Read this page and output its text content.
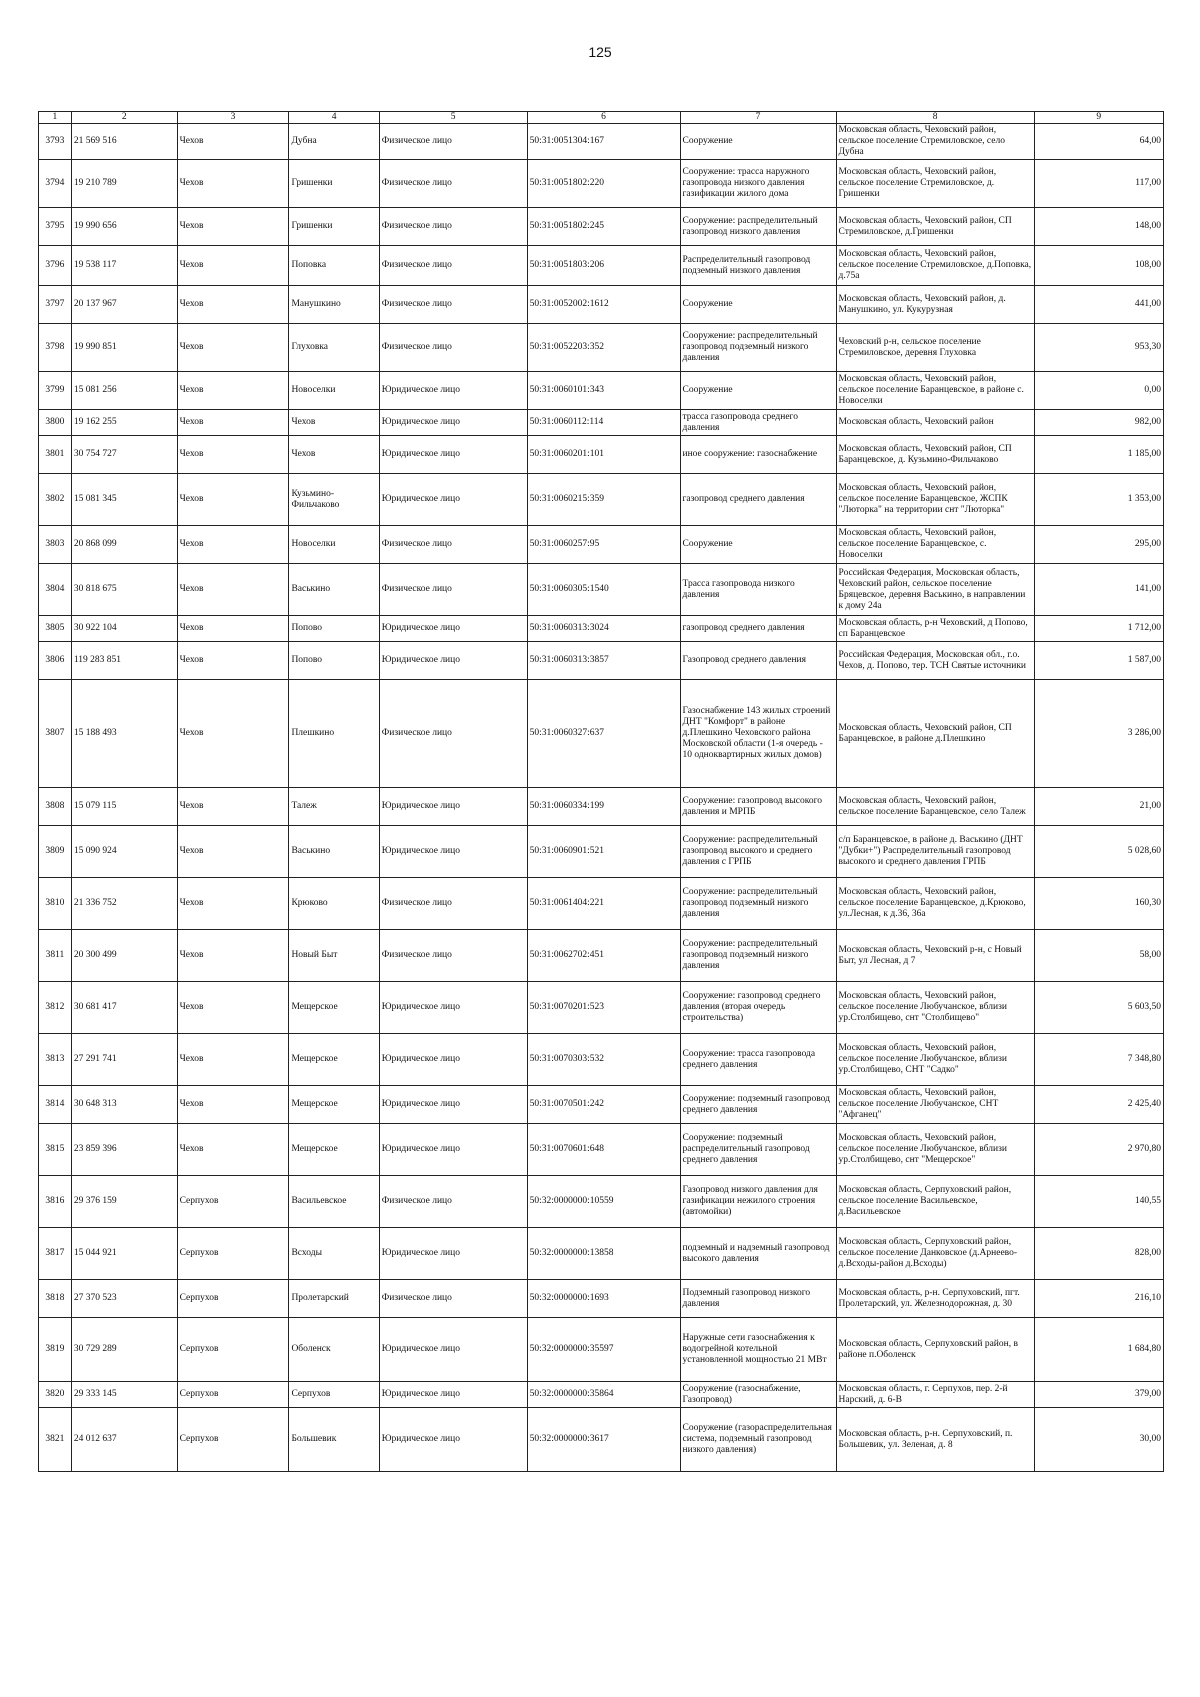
125
1	2	3	4	5	6	7	8	9
3793	21 569 516	Чехов	Дубна	Физическое лицо	50:31:0051304:167	Сооружение	Московская область, Чеховский район, сельское поселение Стремиловское, село Дубна	64,00
3794	19 210 789	Чехов	Гришенки	Физическое лицо	50:31:0051802:220	Сооружение: трасса наружного газопровода низкого давления газификации жилого дома	Московская область, Чеховский район, сельское поселение Стремиловское, д. Гришенки	117,00
3795	19 990 656	Чехов	Гришенки	Физическое лицо	50:31:0051802:245	Сооружение: распределительный газопровод низкого давления	Московская область, Чеховский район, СП Стремиловское, д.Гришенки	148,00
3796	19 538 117	Чехов	Поповка	Физическое лицо	50:31:0051803:206	Распределительный газопровод подземный низкого давления	Московская область, Чеховский район, сельское поселение Стремиловское, д.Поповка, д.75а	108,00
3797	20 137 967	Чехов	Манушкино	Физическое лицо	50:31:0052002:1612	Сооружение	Московская область, Чеховский район, д. Манушкино, ул. Кукурузная	441,00
3798	19 990 851	Чехов	Глуховка	Физическое лицо	50:31:0052203:352	Сооружение: распределительный газопровод подземный низкого давления	Чеховский р-н, сельское поселение Стремиловское, деревня Глуховка	953,30
3799	15 081 256	Чехов	Новоселки	Юридическое лицо	50:31:0060101:343	Сооружение	Московская область, Чеховский район, сельское поселение Баранцевское, в районе с. Новоселки	0,00
3800	19 162 255	Чехов	Чехов	Юридическое лицо	50:31:0060112:114	трасса газопровода среднего давления	Московская область, Чеховский район	982,00
3801	30 754 727	Чехов	Чехов	Юридическое лицо	50:31:0060201:101	иное сооружение: газоснабжение	Московская область, Чеховский район, СП Баранцевское, д. Кузьмино-Фильчаково	1 185,00
3802	15 081 345	Чехов	Кузьмино-Фильчаково	Юридическое лицо	50:31:0060215:359	газопровод среднего давления	Московская область, Чеховский район, сельское поселение Баранцевское, ЖСПК "Люторка" на территории снт "Люторка"	1 353,00
3803	20 868 099	Чехов	Новоселки	Физическое лицо	50:31:0060257:95	Сооружение	Московская область, Чеховский район, сельское поселение Баранцевское, с. Новоселки	295,00
3804	30 818 675	Чехов	Васькино	Физическое лицо	50:31:0060305:1540	Трасса газопровода низкого давления	Российская Федерация, Московская область, Чеховский район, сельское поселение Бряцевское, деревня Васькино, в направлении к дому 24а	141,00
3805	30 922 104	Чехов	Попово	Юридическое лицо	50:31:0060313:3024	газопровод среднего давления	Московская область, р-н Чеховский, д Попово, сп Баранцевское	1 712,00
3806	119 283 851	Чехов	Попово	Юридическое лицо	50:31:0060313:3857	Газопровод среднего давления	Российская Федерация, Московская обл., г.о. Чехов, д. Попово, тер. ТСН Святые источники	1 587,00
3807	15 188 493	Чехов	Плешкино	Физическое лицо	50:31:0060327:637	Газоснабжение 143 жилых строений ДНТ "Комфорт" в районе д.Плешкино Чеховского района Московской области (1-я очередь - 10 одноквартирных жилых домов)	Московская область, Чеховский район, СП Баранцевское, в районе д.Плешкино	3 286,00
3808	15 079 115	Чехов	Талеж	Юридическое лицо	50:31:0060334:199	Сооружение: газопровод высокого давления и МРПБ	Московская область, Чеховский район, сельское поселение Баранцевское, село Талеж	21,00
3809	15 090 924	Чехов	Васькино	Юридическое лицо	50:31:0060901:521	Сооружение: распределительный газопровод высокого и среднего давления с ГРПБ	с/п Баранцевское, в районе д. Васькино (ДНТ "Дубки+") Распределительный газопровод высокого и среднего давления ГРПБ	5 028,60
3810	21 336 752	Чехов	Крюково	Физическое лицо	50:31:0061404:221	Сооружение: распределительный газопровод подземный низкого давления	Московская область, Чеховский район, сельское поселение Баранцевское, д.Крюково, ул.Лесная, к д.36, 36а	160,30
3811	20 300 499	Чехов	Новый Быт	Физическое лицо	50:31:0062702:451	Сооружение: распределительный газопровод подземный низкого давления	Московская область, Чеховский р-н, с Новый Быт, ул Лесная, д 7	58,00
3812	30 681 417	Чехов	Мещерское	Юридическое лицо	50:31:0070201:523	Сооружение: газопровод среднего давления (вторая очередь строительства)	Московская область, Чеховский район, сельское поселение Любучанское, вблизи ур.Столбищево, снт "Столбищево"	5 603,50
3813	27 291 741	Чехов	Мещерское	Юридическое лицо	50:31:0070303:532	Сооружение: трасса газопровода среднего давления	Московская область, Чеховский район, сельское поселение Любучанское, вблизи ур.Столбищево, СНТ "Садко"	7 348,80
3814	30 648 313	Чехов	Мещерское	Юридическое лицо	50:31:0070501:242	Сооружение: подземный газопровод среднего давления	Московская область, Чеховский район, сельское поселение Любучанское, СНТ "Афганец"	2 425,40
3815	23 859 396	Чехов	Мещерское	Юридическое лицо	50:31:0070601:648	Сооружение: подземный распределительный газопровод среднего давления	Московская область, Чеховский район, сельское поселение Любучанское, вблизи ур.Столбищево, снт "Мещерское"	2 970,80
3816	29 376 159	Серпухов	Васильевское	Физическое лицо	50:32:0000000:10559	Газопровод низкого давления для газификации нежилого строения (автомойки)	Московская область, Серпуховский район, сельское поселение Васильевское, д.Васильевское	140,55
3817	15 044 921	Серпухов	Всходы	Юридическое лицо	50:32:0000000:13858	подземный и надземный газопровод высокого давления	Московская область, Серпуховский район, сельское поселение Данковское (д.Арнеево-д.Всходы-район д.Всходы)	828,00
3818	27 370 523	Серпухов	Пролетарский	Физическое лицо	50:32:0000000:1693	Подземный газопровод низкого давления	Московская область, р-н. Серпуховский, пгт. Пролетарский, ул. Железнодорожная, д. 30	216,10
3819	30 729 289	Серпухов	Оболенск	Юридическое лицо	50:32:0000000:35597	Наружные сети газоснабжения к водогрейной котельной установленной мощностью 21 МВт	Московская область, Серпуховский район, в районе п.Оболенск	1 684,80
3820	29 333 145	Серпухов	Серпухов	Юридическое лицо	50:32:0000000:35864	Сооружение (газоснабжение, Газопровод)	Московская область, г. Серпухов, пер. 2-й Нарский, д. 6-В	379,00
3821	24 012 637	Серпухов	Большевик	Юридическое лицо	50:32:0000000:3617	Сооружение (газораспределительная система, подземный газопровод низкого давления)	Московская область, р-н. Серпуховский, п. Большевик, ул. Зеленая, д. 8	30,00
